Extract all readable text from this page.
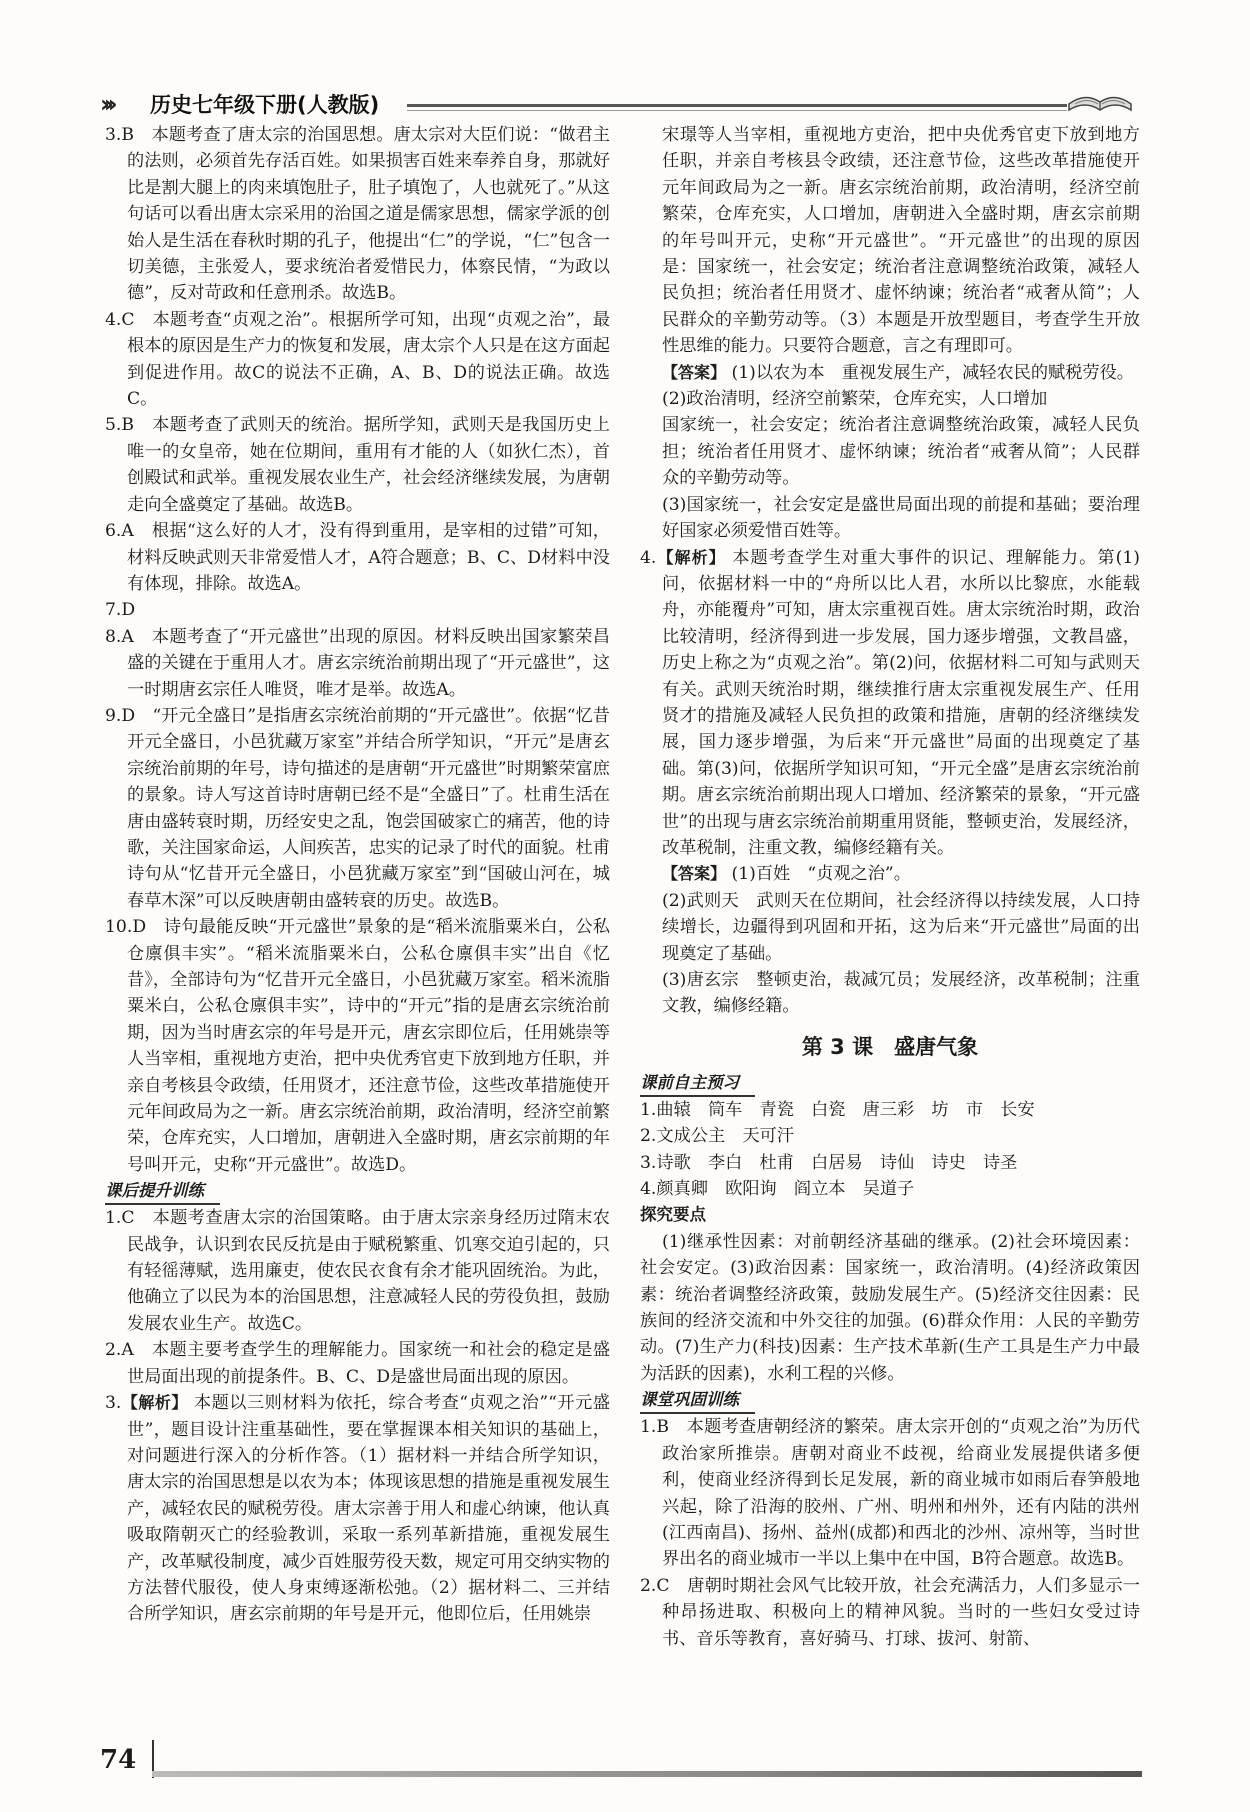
››› 历史七年级下册(人教版)

3.B　本题考查了唐太宗的治国思想。唐太宗对大臣们说：“做君主的法则，必须首先存活百姓。如果损害百姓来奉养自身，那就好比是割大腿上的肉来填饱肚子，肚子填饱了，人也就死了。”从这句话可以看出唐太宗采用的治国之道是儒家思想，儒家学派的创始人是生活在春秋时期的孔子，他提出“仁”的学说，“仁”包含一切美德，主张爱人，要求统治者爱惜民力，体察民情，“为政以德”，反对苛政和任意刑杀。故选B。

4.C　本题考查“贞观之治”。根据所学可知，出现“贞观之治”，最根本的原因是生产力的恢复和发展，唐太宗个人只是在这方面起到促进作用。故C的说法不正确，A、B、D的说法正确。故选C。

5.B　本题考查了武则天的统治。据所学知，武则天是我国历史上唯一的女皇帝，她在位期间，重用有才能的人（如狄仁杰），首创殿试和武举。重视发展农业生产，社会经济继续发展，为唐朝走向全盛奠定了基础。故选B。

6.A　根据“这么好的人才，没有得到重用，是宰相的过错”可知，材料反映武则天非常爱惜人才，A符合题意；B、C、D材料中没有体现，排除。故选A。

7.D

8.A　本题考查了“开元盛世”出现的原因。材料反映出国家繁荣昌盛的关键在于重用人才。唐玄宗统治前期出现了“开元盛世”，这一时期唐玄宗任人唯贤，唯才是举。故选A。

9.D　“开元全盛日”是指唐玄宗统治前期的“开元盛世”。依据“忆昔开元全盛日，小邑犹藏万家室”并结合所学知识，“开元”是唐玄宗统治前期的年号，诗句描述的是唐朝“开元盛世”时期繁荣富庶的景象。诗人写这首诗时唐朝已经不是“全盛日”了。杜甫生活在唐由盛转衰时期，历经安史之乱，饱尝国破家亡的痛苦，他的诗歌，关注国家命运，人间疾苦，忠实的记录了时代的面貌。杜甫诗句从“忆昔开元全盛日，小邑犹藏万家室”到“国破山河在，城春草木深”可以反映唐朝由盛转衰的历史。故选B。

10.D　诗句最能反映“开元盛世”景象的是“稻米流脂粟米白，公私仓廪俱丰实”。“稻米流脂粟米白，公私仓廪俱丰实”出自《忆昔》，全部诗句为“忆昔开元全盛日，小邑犹藏万家室。稻米流脂粟米白，公私仓廪俱丰实”，诗中的“开元”指的是唐玄宗统治前期，因为当时唐玄宗的年号是开元，唐玄宗即位后，任用姚崇等人当宰相，重视地方吏治，把中央优秀官吏下放到地方任职，并亲自考核县令政绩，任用贤才，还注意节俭，这些改革措施使开元年间政局为之一新。唐玄宗统治前期，政治清明，经济空前繁荣，仓库充实，人口增加，唐朝进入全盛时期，唐玄宗前期的年号叫开元，史称“开元盛世”。故选D。

课后提升训练

1.C　本题考查唐太宗的治国策略。由于唐太宗亲身经历过隋末农民战争，认识到农民反抗是由于赋税繁重、饥寒交迫引起的，只有轻徭薄赋，选用廉吏，使农民衣食有余才能巩固统治。为此，他确立了以民为本的治国思想，注意减轻人民的劳役负担，鼓励发展农业生产。故选C。

2.A　本题主要考查学生的理解能力。国家统一和社会的稳定是盛世局面出现的前提条件。B、C、D是盛世局面出现的原因。

3.【解析】 本题以三则材料为依托，综合考查“贞观之治”“开元盛世”，题目设计注重基础性，要在掌握课本相关知识的基础上，对问题进行深入的分析作答。（1）据材料一并结合所学知识，唐太宗的治国思想是以农为本；体现该思想的措施是重视发展生产，减轻农民的赋税劳役。唐太宗善于用人和虚心纳谏，他认真吸取隋朝灭亡的经验教训，采取一系列革新措施，重视发展生产，改革赋役制度，减少百姓服劳役天数，规定可用交纳实物的方法替代服役，使人身束缚逐渐松弛。（2）据材料二、三并结合所学知识，唐玄宗前期的年号是开元，他即位后，任用姚崇

宋璟等人当宰相，重视地方吏治，把中央优秀官吏下放到地方任职，并亲自考核县令政绩，还注意节俭，这些改革措施使开元年间政局为之一新。唐玄宗统治前期，政治清明，经济空前繁荣，仓库充实，人口增加，唐朝进入全盛时期，唐玄宗前期的年号叫开元，史称“开元盛世”。“开元盛世”的出现的原因是：国家统一，社会安定；统治者注意调整统治政策，减轻人民负担；统治者任用贤才、虚怀纳谏；统治者“戒奢从简”；人民群众的辛勤劳动等。（3）本题是开放型题目，考查学生开放性思维的能力。只要符合题意，言之有理即可。

【答案】 (1)以农为本　重视发展生产，减轻农民的赋税劳役。

(2)政治清明，经济空前繁荣，仓库充实，人口增加

国家统一，社会安定；统治者注意调整统治政策，减轻人民负担；统治者任用贤才、虚怀纳谏；统治者“戒奢从简”；人民群众的辛勤劳动等。

(3)国家统一，社会安定是盛世局面出现的前提和基础；要治理好国家必须爱惜百姓等。

4.【解析】 本题考查学生对重大事件的识记、理解能力。第(1)问，依据材料一中的“舟所以比人君，水所以比黎庶，水能载舟，亦能覆舟”可知，唐太宗重视百姓。唐太宗统治时期，政治比较清明，经济得到进一步发展，国力逐步增强，文教昌盛，历史上称之为“贞观之治”。第(2)问，依据材料二可知与武则天有关。武则天统治时期，继续推行唐太宗重视发展生产、任用贤才的措施及减轻人民负担的政策和措施，唐朝的经济继续发展，国力逐步增强，为后来“开元盛世”局面的出现奠定了基础。第(3)问，依据所学知识可知，“开元全盛”是唐玄宗统治前期。唐玄宗统治前期出现人口增加、经济繁荣的景象，“开元盛世”的出现与唐玄宗统治前期重用贤能，整顿吏治，发展经济，改革税制，注重文教，编修经籍有关。

【答案】 (1)百姓　“贞观之治”。

(2)武则天　武则天在位期间，社会经济得以持续发展，人口持续增长，边疆得到巩固和开拓，这为后来“开元盛世”局面的出现奠定了基础。

(3)唐玄宗　整顿吏治，裁减冗员；发展经济，改革税制；注重文教，编修经籍。

第 3 课　盛唐气象
课前自主预习

1.曲辕　筒车　青瓷　白瓷　唐三彩　坊　市　长安

2.文成公主　天可汗

3.诗歌　李白　杜甫　白居易　诗仙　诗史　诗圣

4.颜真卿　欧阳询　阎立本　吴道子

探究要点

(1)继承性因素：对前朝经济基础的继承。(2)社会环境因素：社会安定。(3)政治因素：国家统一，政治清明。(4)经济政策因素：统治者调整经济政策，鼓励发展生产。(5)经济交往因素：民族间的经济交流和中外交往的加强。(6)群众作用：人民的辛勤劳动。(7)生产力(科技)因素：生产技术革新(生产工具是生产力中最为活跃的因素)，水利工程的兴修。

课堂巩固训练

1.B　本题考查唐朝经济的繁荣。唐太宗开创的“贞观之治”为历代政治家所推崇。唐朝对商业不歧视，给商业发展提供诸多便利，使商业经济得到长足发展，新的商业城市如雨后春笋般地兴起，除了沿海的胶州、广州、明州和州外，还有内陆的洪州(江西南昌)、扬州、益州(成都)和西北的沙州、凉州等，当时世界出名的商业城市一半以上集中在中国，B符合题意。故选B。

2.C　唐朝时期社会风气比较开放，社会充满活力，人们多显示一种昂扬进取、积极向上的精神风貌。当时的一些妇女受过诗书、音乐等教育，喜好骑马、打球、拔河、射箭、

74
